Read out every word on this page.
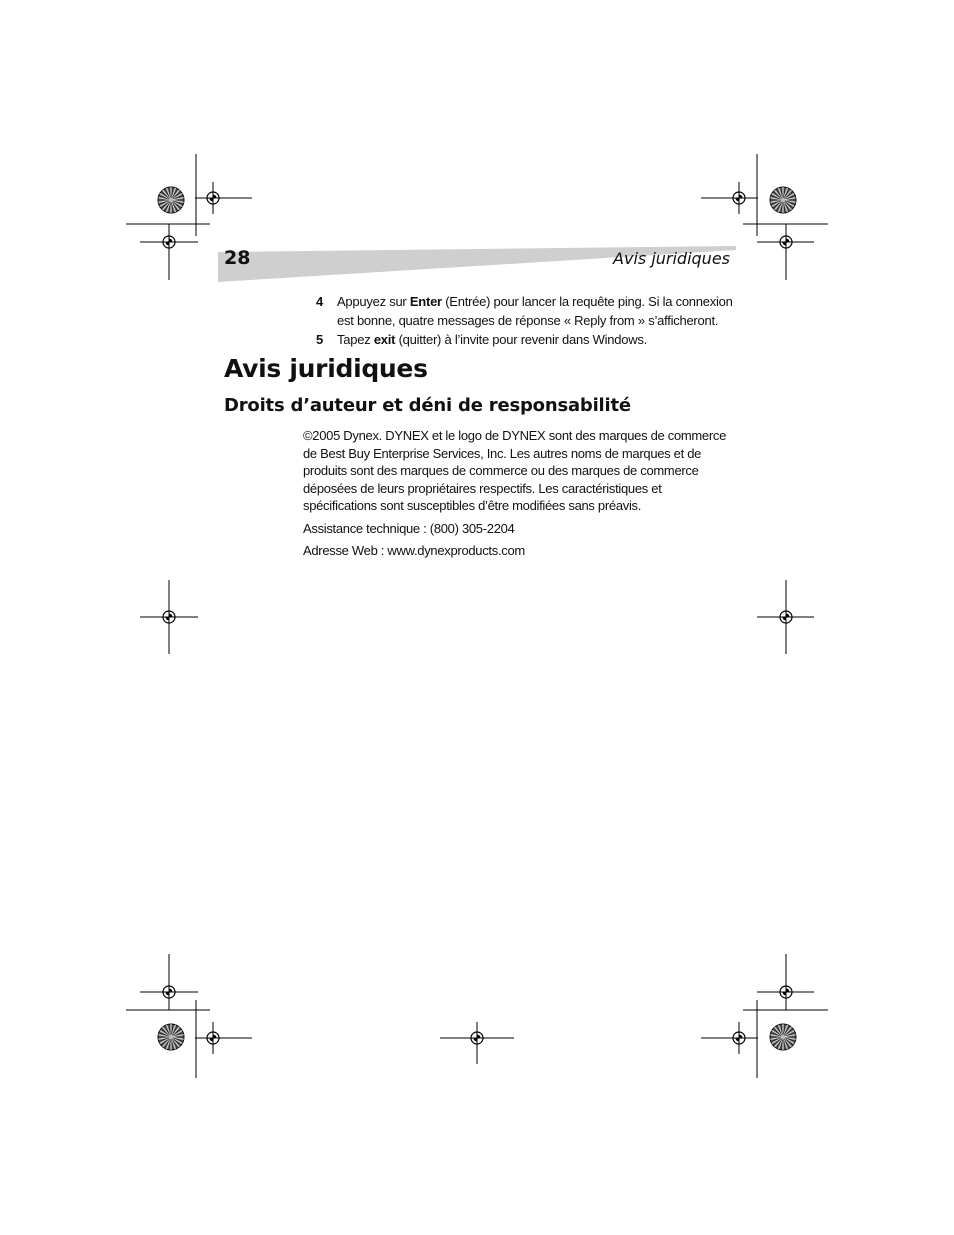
28	Avis juridiques
4	Appuyez sur Enter (Entrée) pour lancer la requête ping. Si la connexion est bonne, quatre messages de réponse « Reply from » s’afficheront.
5	Tapez exit (quitter) à l’invite pour revenir dans Windows.
Avis juridiques
Droits d’auteur et déni de responsabilité

©2005 Dynex. DYNEX et le logo de DYNEX sont des marques de commerce de Best Buy Enterprise Services, Inc. Les autres noms de marques et de produits sont des marques de commerce ou des marques de commerce déposées de leurs propriétaires respectifs. Les caractéristiques et spécifications sont susceptibles d’être modifiées sans préavis.

Assistance technique : (800) 305-2204

Adresse Web : www.dynexproducts.com
